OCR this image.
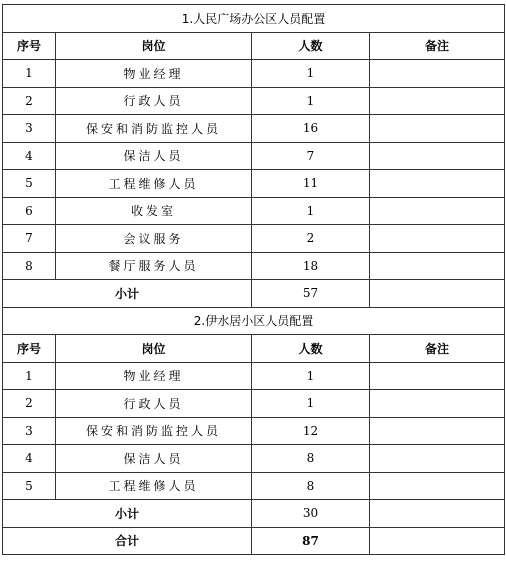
1.人民广场办公区人员配置			
序号	岗位	人数	备注
1	物业经理	1	
2	行政人员	1	
3	保安和消防监控人员	16	
4	保洁人员	7	
5	工程维修人员	11	
6	收发室	1	
7	会议服务	2	
8	餐厅服务人员	18	
小计		57	
2.伊水居小区人员配置			
序号	岗位	人数	备注
1	物业经理	1	
2	行政人员	1	
3	保安和消防监控人员	12	
4	保洁人员	8	
5	工程维修人员	8	
小计		30	
合计		87	
